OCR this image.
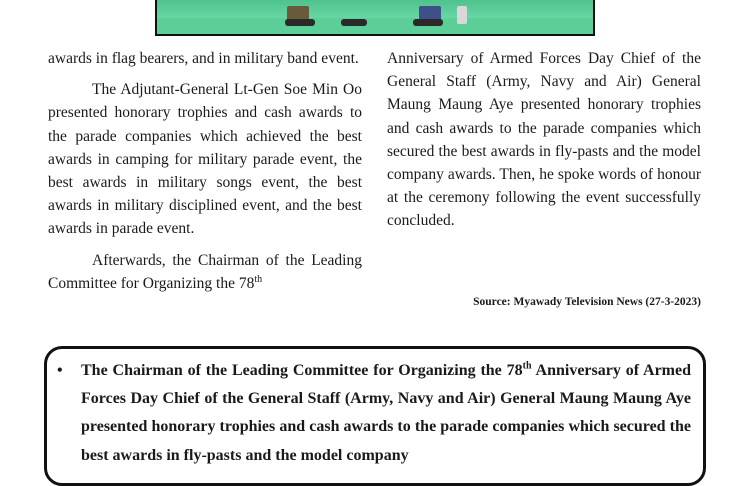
awards in flag bearers, and in military band event.

The Adjutant-General Lt-Gen Soe Min Oo presented honorary trophies and cash awards to the parade companies which achieved the best awards in camping for military parade event, the best awards in military songs event, the best awards in military disciplined event, and the best awards in parade event.

Afterwards, the Chairman of the Leading Committee for Organizing the 78th

Anniversary of Armed Forces Day Chief of the General Staff (Army, Navy and Air) General Maung Maung Aye presented honorary trophies and cash awards to the parade companies which secured the best awards in fly-pasts and the model company awards. Then, he spoke words of honour at the ceremony following the event successfully concluded.

Source: Myawady Television News (27-3-2023)
• The Chairman of the Leading Committee for Organizing the 78th Anniversary of Armed Forces Day Chief of the General Staff (Army, Navy and Air) General Maung Maung Aye presented honorary trophies and cash awards to the parade companies which secured the best awards in fly-pasts and the model company
